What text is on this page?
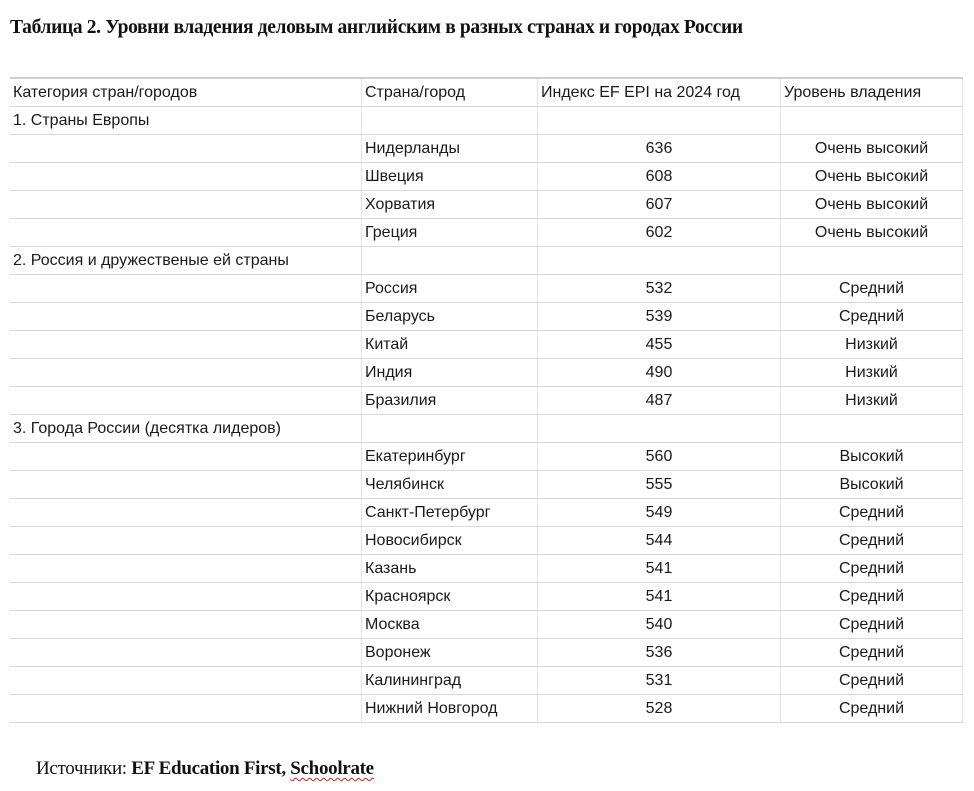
Таблица 2. Уровни владения деловым английским в разных странах и городах России
Категория стран/городов	Страна/город	Индекс EF EPI на 2024 год	Уровень владения
1. Страны Европы			
	Нидерланды	636	Очень высокий
	Швеция	608	Очень высокий
	Хорватия	607	Очень высокий
	Греция	602	Очень высокий
2. Россия и дружественые ей страны			
	Россия	532	Средний
	Беларусь	539	Средний
	Китай	455	Низкий
	Индия	490	Низкий
	Бразилия	487	Низкий
3. Города России (десятка лидеров)			
	Екатеринбург	560	Высокий
	Челябинск	555	Высокий
	Санкт-Петербург	549	Средний
	Новосибирск	544	Средний
	Казань	541	Средний
	Красноярск	541	Средний
	Москва	540	Средний
	Воронеж	536	Средний
	Калининград	531	Средний
	Нижний Новгород	528	Средний
Источники: EF Education First, Schoolrate
